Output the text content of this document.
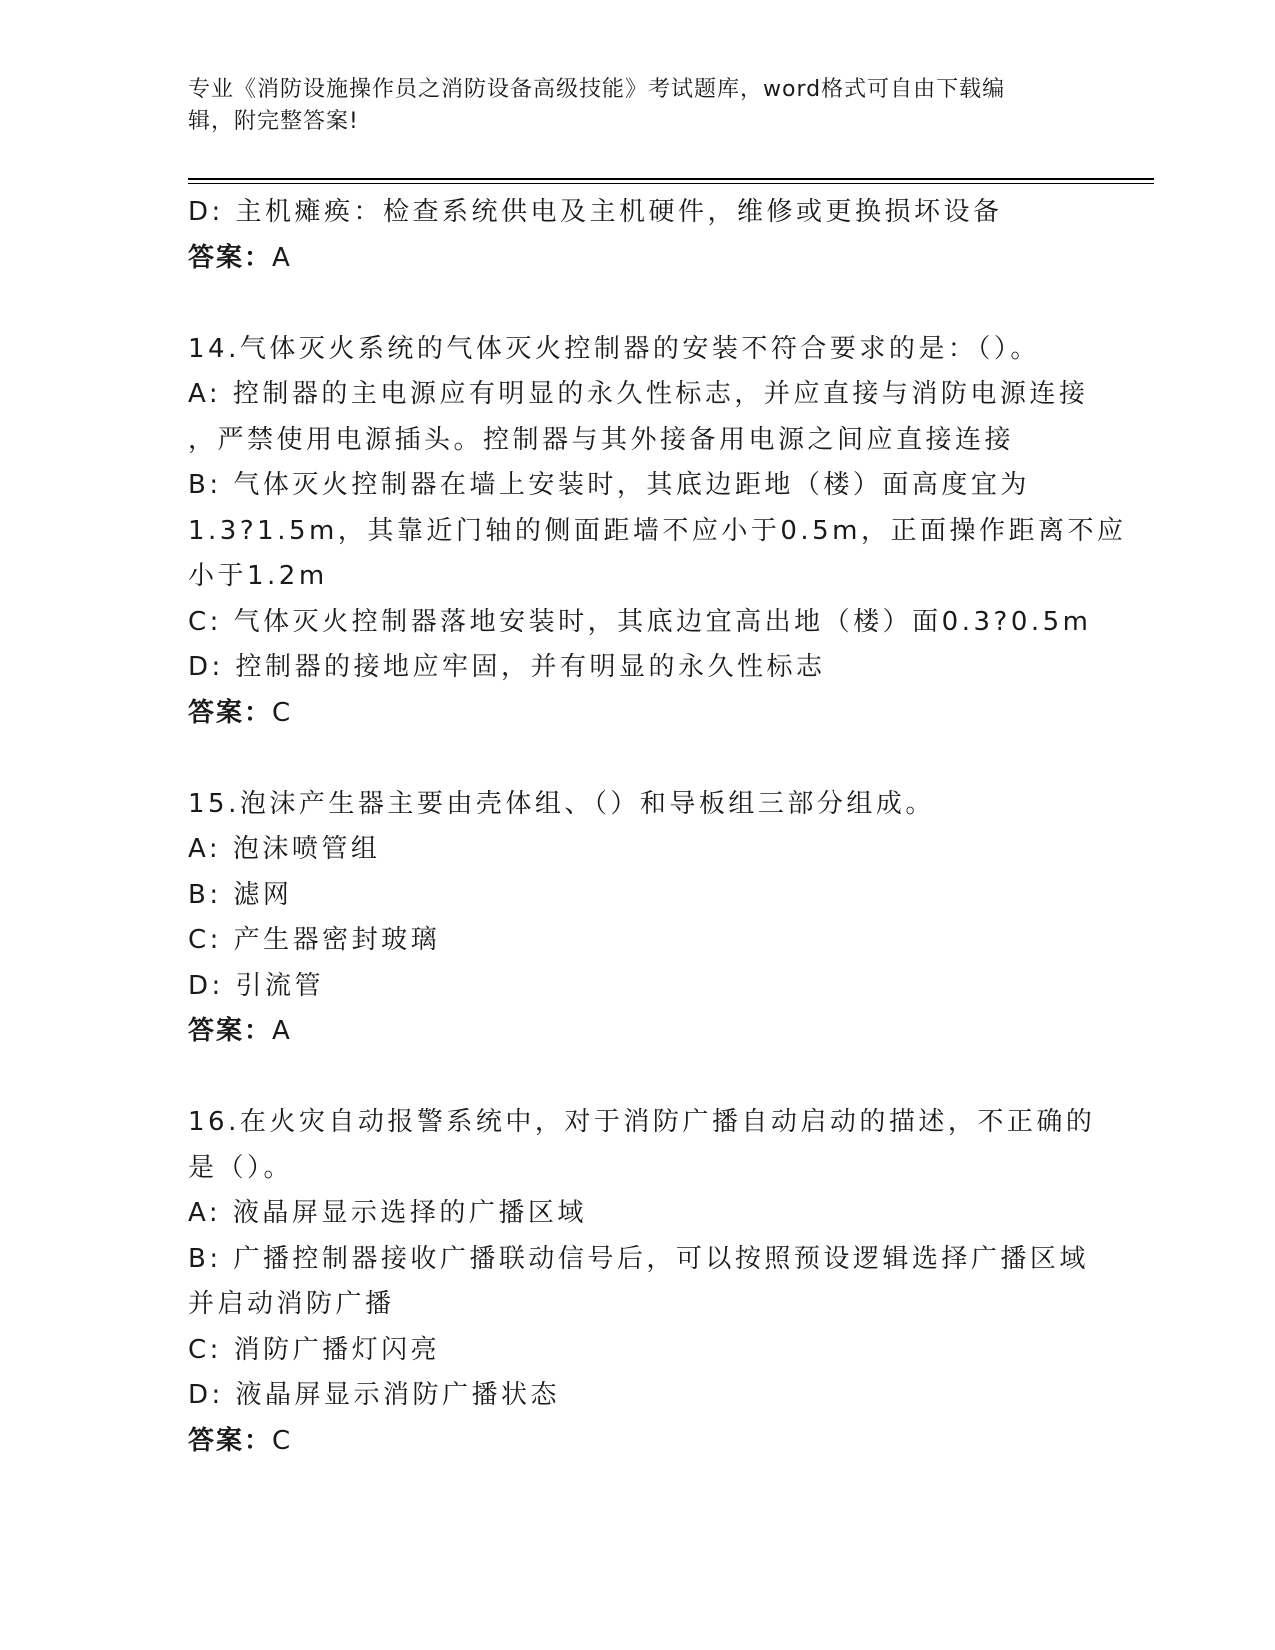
专业《消防设施操作员之消防设备高级技能》考试题库，word格式可自由下载编
辑，附完整答案!
D: 主机瘫痪：检查系统供电及主机硬件，维修或更换损坏设备
答案：A
14.气体灭火系统的气体灭火控制器的安装不符合要求的是：（）。
A: 控制器的主电源应有明显的永久性标志，并应直接与消防电源连接
，严禁使用电源插头。控制器与其外接备用电源之间应直接连接
B: 气体灭火控制器在墙上安装时，其底边距地（楼）面高度宜为
1.3?1.5m，其靠近门轴的侧面距墙不应小于0.5m，正面操作距离不应
小于1.2m
C: 气体灭火控制器落地安装时，其底边宜高出地（楼）面0.3?0.5m
D: 控制器的接地应牢固，并有明显的永久性标志
答案：C
15.泡沫产生器主要由壳体组、（）和导板组三部分组成。
A: 泡沫喷管组
B: 滤网
C: 产生器密封玻璃
D: 引流管
答案：A
16.在火灾自动报警系统中，对于消防广播自动启动的描述，不正确的
是（）。
A: 液晶屏显示选择的广播区域
B: 广播控制器接收广播联动信号后，可以按照预设逻辑选择广播区域
并启动消防广播
C: 消防广播灯闪亮
D: 液晶屏显示消防广播状态
答案：C
